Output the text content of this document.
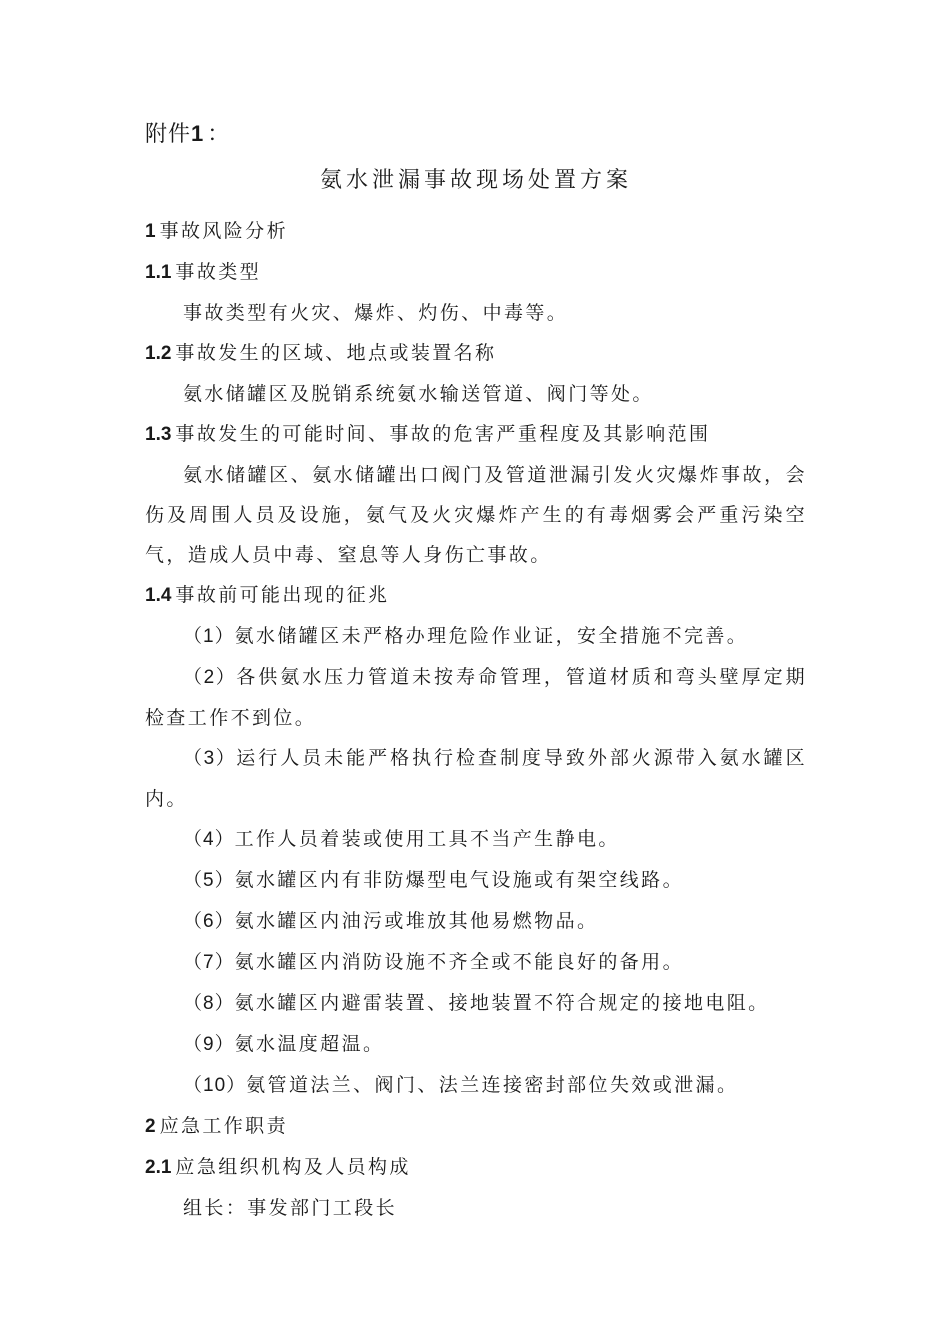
附件1 ：
氨水泄漏事故现场处置方案
1 事故风险分析
1.1 事故类型
事故类型有火灾、爆炸、灼伤、中毒等。
1.2 事故发生的区域、地点或装置名称
氨水储罐区及脱销系统氨水输送管道、阀门等处。
1.3 事故发生的可能时间、事故的危害严重程度及其影响范围
氨水储罐区、氨水储罐出口阀门及管道泄漏引发火灾爆炸事故，会伤及周围人员及设施，氨气及火灾爆炸产生的有毒烟雾会严重污染空气，造成人员中毒、窒息等人身伤亡事故。
1.4 事故前可能出现的征兆
（1）氨水储罐区未严格办理危险作业证，安全措施不完善。
（2）各供氨水压力管道未按寿命管理，管道材质和弯头壁厚定期检查工作不到位。
（3）运行人员未能严格执行检查制度导致外部火源带入氨水罐区内。
（4）工作人员着装或使用工具不当产生静电。
（5）氨水罐区内有非防爆型电气设施或有架空线路。
（6）氨水罐区内油污或堆放其他易燃物品。
（7）氨水罐区内消防设施不齐全或不能良好的备用。
（8）氨水罐区内避雷装置、接地装置不符合规定的接地电阻。
（9）氨水温度超温。
（10）氨管道法兰、阀门、法兰连接密封部位失效或泄漏。
2 应急工作职责
2.1 应急组织机构及人员构成
组长：事发部门工段长
